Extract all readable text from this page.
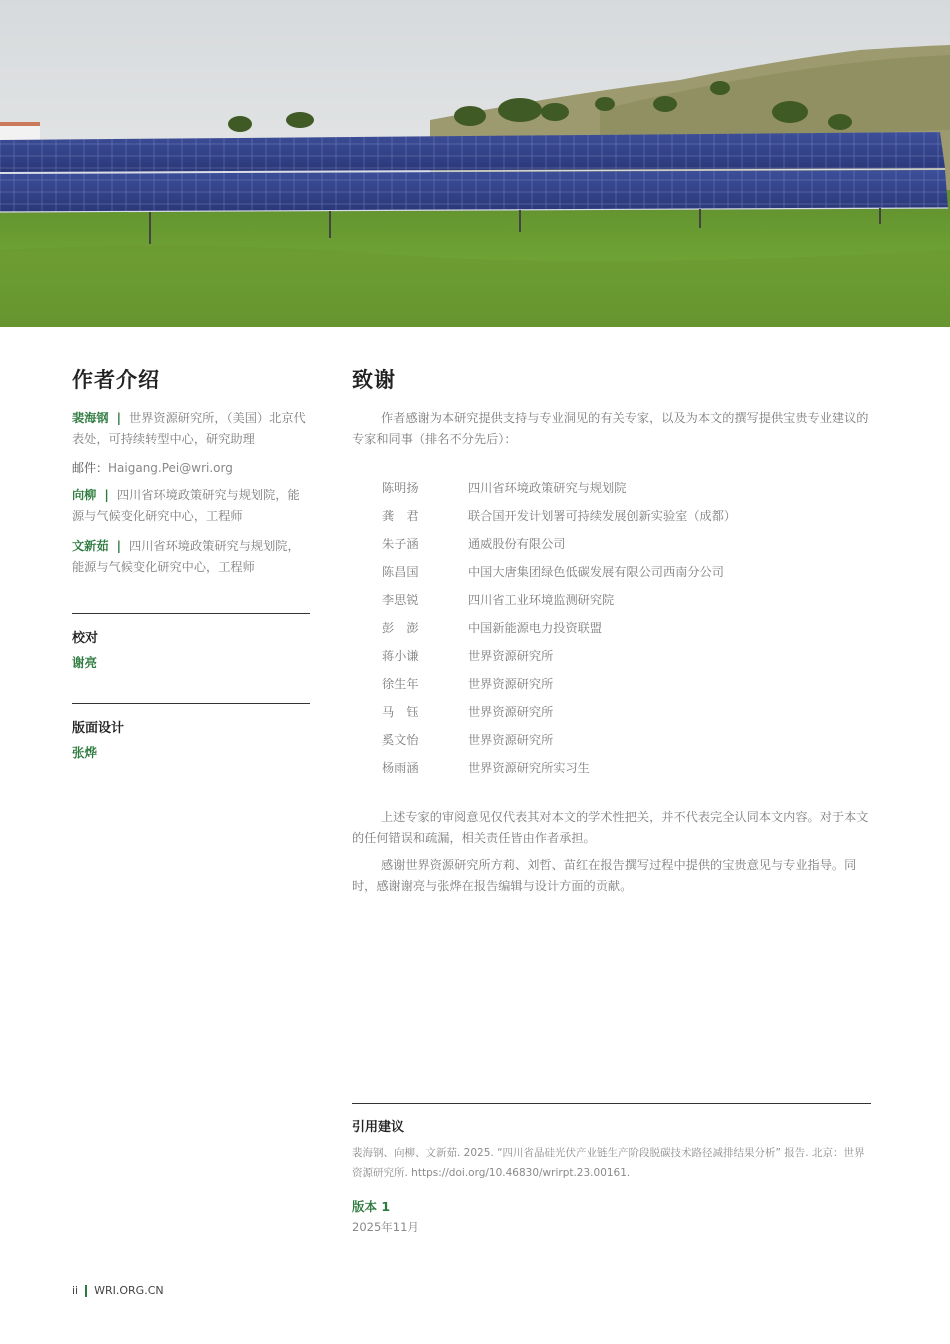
作者介绍
裴海钢 | 世界资源研究所，（美国）北京代表处，可持续转型中心，研究助理
邮件：Haigang.Pei@wri.org
向柳 | 四川省环境政策研究与规划院，能源与气候变化研究中心，工程师
文新茹 | 四川省环境政策研究与规划院，能源与气候变化研究中心，工程师
校对
谢亮
版面设计
张烨
致谢

作者感谢为本研究提供支持与专业洞见的有关专家，以及为本文的撰写提供宝贵专业建议的专家和同事（排名不分先后）：

陈明扬	四川省环境政策研究与规划院
龚　君	联合国开发计划署可持续发展创新实验室（成都）
朱子涵	通威股份有限公司
陈昌国	中国大唐集团绿色低碳发展有限公司西南分公司
李思锐	四川省工业环境监测研究院
彭　澎	中国新能源电力投资联盟
蒋小谦	世界资源研究所
徐生年	世界资源研究所
马　钰	世界资源研究所
奚文怡	世界资源研究所
杨雨涵	世界资源研究所实习生

上述专家的审阅意见仅代表其对本文的学术性把关，并不代表完全认同本文内容。对于本文的任何错误和疏漏，相关责任皆由作者承担。

感谢世界资源研究所方莉、刘哲、苗红在报告撰写过程中提供的宝贵意见与专业指导。同时，感谢谢亮与张烨在报告编辑与设计方面的贡献。

引用建议
裴海钢、向柳、文新茹. 2025. “四川省晶硅光伏产业链生产阶段脱碳技术路径减排结果分析” 报告. 北京：世界资源研究所. https://doi.org/10.46830/wrirpt.23.00161.
版本 1
2025年11月
ii WRI.ORG.CN
